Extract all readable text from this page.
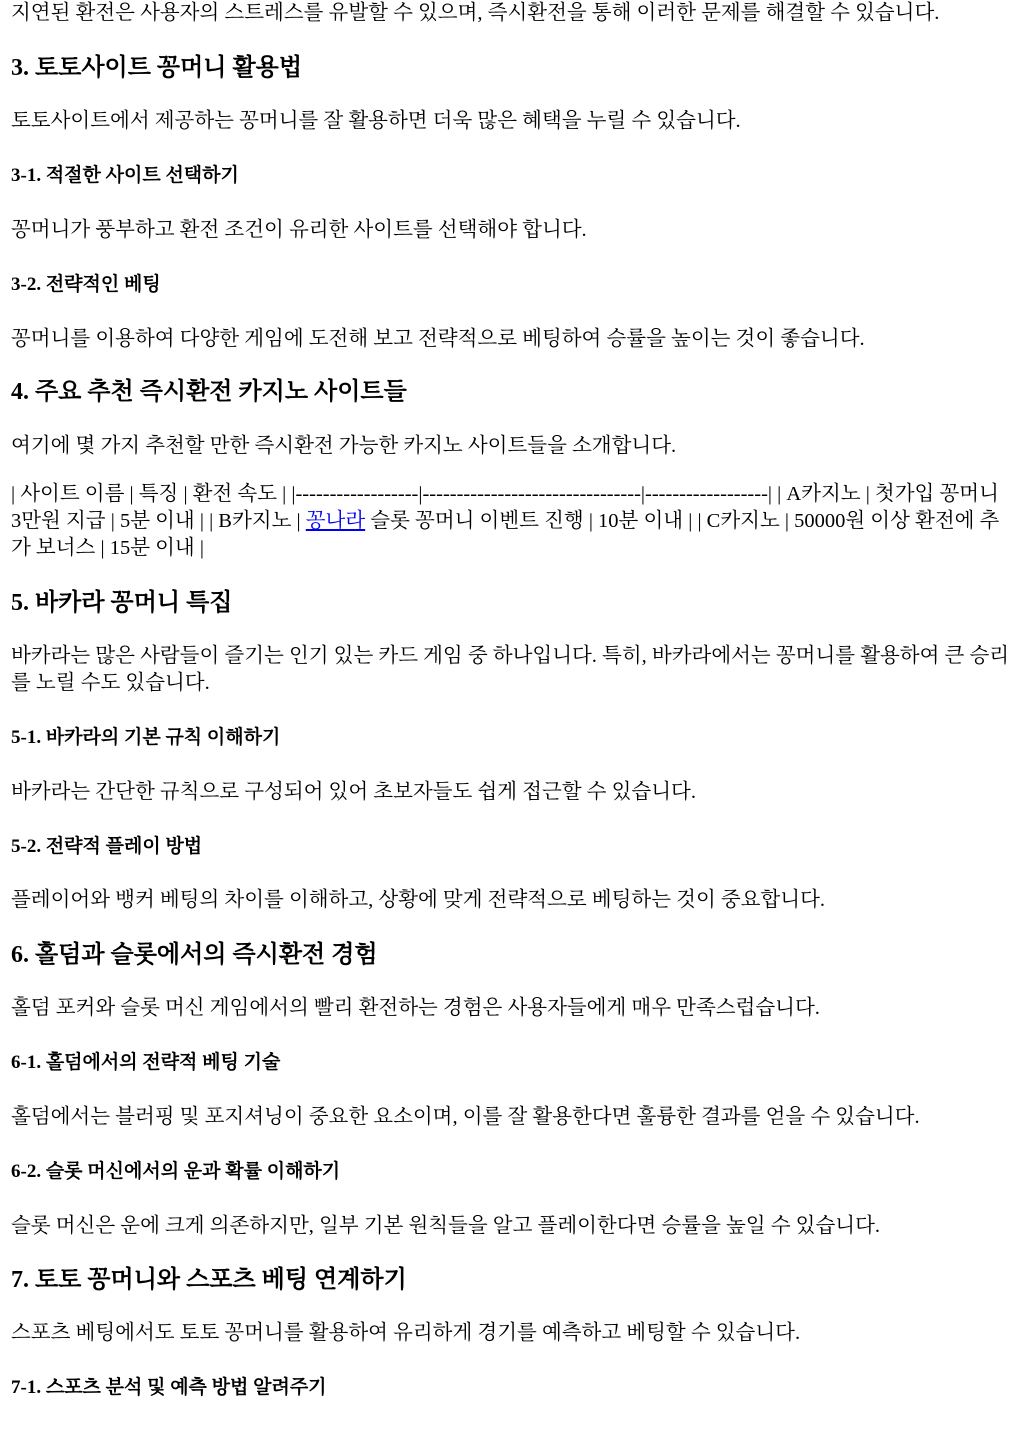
지연된 환전은 사용자의 스트레스를 유발할 수 있으며, 즉시환전을 통해 이러한 문제를 해결할 수 있습니다.

3. 토토사이트 꽁머니 활용법

토토사이트에서 제공하는 꽁머니를 잘 활용하면 더욱 많은 혜택을 누릴 수 있습니다.

3-1. 적절한 사이트 선택하기

꽁머니가 풍부하고 환전 조건이 유리한 사이트를 선택해야 합니다.

3-2. 전략적인 베팅

꽁머니를 이용하여 다양한 게임에 도전해 보고 전략적으로 베팅하여 승률을 높이는 것이 좋습니다.

4. 주요 추천 즉시환전 카지노 사이트들

여기에 몇 가지 추천할 만한 즉시환전 가능한 카지노 사이트들을 소개합니다.

| 사이트 이름 | 특징 | 환전 속도 | |------------------|--------------------------------|------------------| | A카지노 | 첫가입 꽁머니 3만원 지급 | 5분 이내 | | B카지노 | 꽁나라 슬롯 꽁머니 이벤트 진행 | 10분 이내 | | C카지노 | 50000원 이상 환전에 추가 보너스 | 15분 이내 |

5. 바카라 꽁머니 특집

바카라는 많은 사람들이 즐기는 인기 있는 카드 게임 중 하나입니다. 특히, 바카라에서는 꽁머니를 활용하여 큰 승리를 노릴 수도 있습니다.

5-1. 바카라의 기본 규칙 이해하기

바카라는 간단한 규칙으로 구성되어 있어 초보자들도 쉽게 접근할 수 있습니다.

5-2. 전략적 플레이 방법

플레이어와 뱅커 베팅의 차이를 이해하고, 상황에 맞게 전략적으로 베팅하는 것이 중요합니다.

6. 홀덤과 슬롯에서의 즉시환전 경험

홀덤 포커와 슬롯 머신 게임에서의 빨리 환전하는 경험은 사용자들에게 매우 만족스럽습니다.

6-1. 홀덤에서의 전략적 베팅 기술

홀덤에서는 블러핑 및 포지셔닝이 중요한 요소이며, 이를 잘 활용한다면 훌륭한 결과를 얻을 수 있습니다.

6-2. 슬롯 머신에서의 운과 확률 이해하기

슬롯 머신은 운에 크게 의존하지만, 일부 기본 원칙들을 알고 플레이한다면 승률을 높일 수 있습니다.

7. 토토 꽁머니와 스포츠 베팅 연계하기

스포츠 베팅에서도 토토 꽁머니를 활용하여 유리하게 경기를 예측하고 베팅할 수 있습니다.

7-1. 스포츠 분석 및 예측 방법 알려주기
